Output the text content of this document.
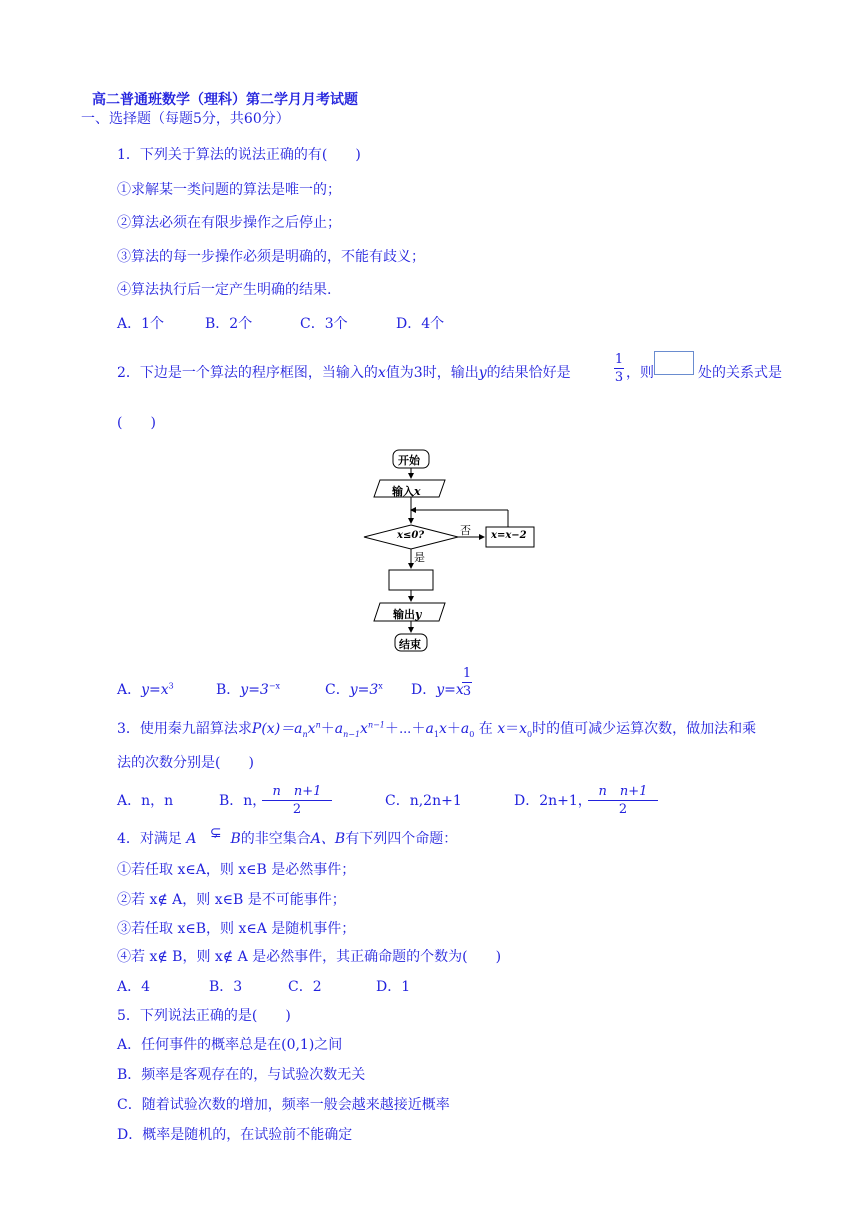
高二普通班数学（理科）第二学月月考试题
一、选择题（每题5分，共60分）
1．下列关于算法的说法正确的有(　　)
①求解某一类问题的算法是唯一的；
②算法必须在有限步操作之后停止；
③算法的每一步操作必须是明确的，不能有歧义；
④算法执行后一定产生明确的结果.
A．1个	B．2个	C．3个	D．4个
2．下边是一个算法的程序框图，当输入的x值为3时，输出y的结果恰好是
1
3 ，则	处的关系式是
(　　)
开始
输入x
x≤0?	否 x=x−2
是
输出y
结束
A．$y=x^3$	B．$y=3^{-x}$	C．$y=3^x$ D．y=x
1
3
3．使用秦九韶算法求$P(x)=a_nx^n+a_{n-1}x^{n-1}+\cdots+a_1x+a_0$ 在 $x=x_0$时的值可减少运算次数，做加法和乘
法的次数分别是(　　)
A．n，n	B．n，
n　n+1
2
C．n,2n+1	D．2n+1，
n　n+1
2
4．对满足 A ⊊ B的非空集合A、B有下列四个命题：
①若任取 x∈A，则 x∈B 是必然事件；
②若 x∉ A，则 x∈B 是不可能事件；
③若任取 x∈B，则 x∈A 是随机事件；
④若 x∉ B，则 x∉ A 是必然事件，其正确命题的个数为(　　)
A．4	B．3	C．2	D．1
5．下列说法正确的是(　　)
A．任何事件的概率总是在(0,1)之间
B．频率是客观存在的，与试验次数无关
C．随着试验次数的增加，频率一般会越来越接近概率
D．概率是随机的，在试验前不能确定
